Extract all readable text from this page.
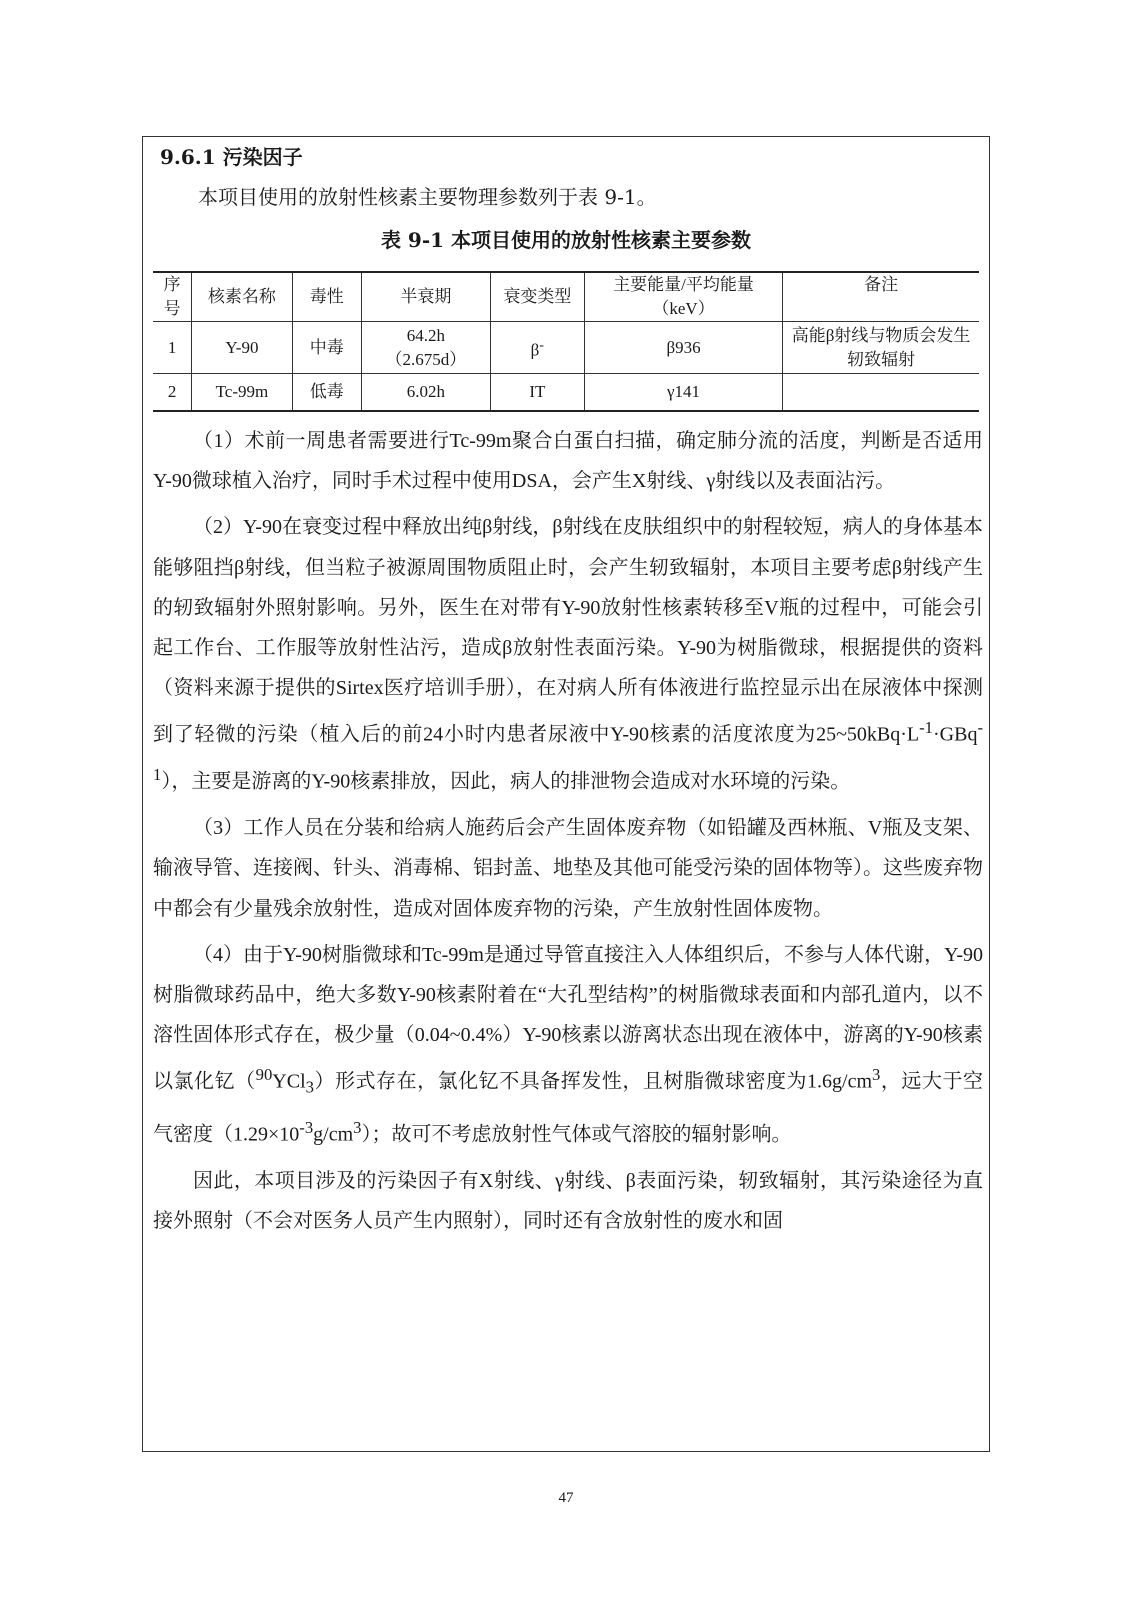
9.6.1 污染因子

本项目使用的放射性核素主要物理参数列于表 9-1。

表 9-1 本项目使用的放射性核素主要参数

序号	核素名称	毒性	半衰期	衰变类型	主要能量/平均能量（keV）	备注
1	Y-90	中毒	64.2h
（2.675d）	β-	β936	高能β射线与物质会发生轫致辐射
2	Tc-99m	低毒	6.02h	IT	γ141	

（1）术前一周患者需要进行Tc-99m聚合白蛋白扫描，确定肺分流的活度，判断是否适用Y-90微球植入治疗，同时手术过程中使用DSA，会产生X射线、γ射线以及表面沾污。

（2）Y-90在衰变过程中释放出纯β射线，β射线在皮肤组织中的射程较短，病人的身体基本能够阻挡β射线，但当粒子被源周围物质阻止时，会产生轫致辐射，本项目主要考虑β射线产生的轫致辐射外照射影响。另外，医生在对带有Y-90放射性核素转移至V瓶的过程中，可能会引起工作台、工作服等放射性沾污，造成β放射性表面污染。Y-90为树脂微球，根据提供的资料（资料来源于提供的Sirtex医疗培训手册），在对病人所有体液进行监控显示出在尿液体中探测到了轻微的污染（植入后的前24小时内患者尿液中Y-90核素的活度浓度为$25\sim 50kBq\cdot L^{-1}\cdot GBq^{-1}$），主要是游离的Y-90核素排放，因此，病人的排泄物会造成对水环境的污染。

（3）工作人员在分装和给病人施药后会产生固体废弃物（如铅罐及西林瓶、V瓶及支架、输液导管、连接阀、针头、消毒棉、铝封盖、地垫及其他可能受污染的固体物等）。这些废弃物中都会有少量残余放射性，造成对固体废弃物的污染，产生放射性固体废物。

（4）由于Y-90树脂微球和Tc-99m是通过导管直接注入人体组织后，不参与人体代谢，Y-90树脂微球药品中，绝大多数Y-90核素附着在“大孔型结构”的树脂微球表面和内部孔道内，以不溶性固体形式存在，极少量（0.04~0.4%）Y-90核素以游离状态出现在液体中，游离的Y-90核素以氯化钇（$^{90}$YCl$_3$）形式存在，氯化钇不具备挥发性，且树脂微球密度为$1.6g/cm^3$，远大于空气密度$(1.29\times 10^{-3}g/cm^3)$；故可不考虑放射性气体或气溶胶的辐射影响。

因此，本项目涉及的污染因子有X射线、γ射线、β表面污染，轫致辐射，其污染途径为直接外照射（不会对医务人员产生内照射），同时还有含放射性的废水和固

47
